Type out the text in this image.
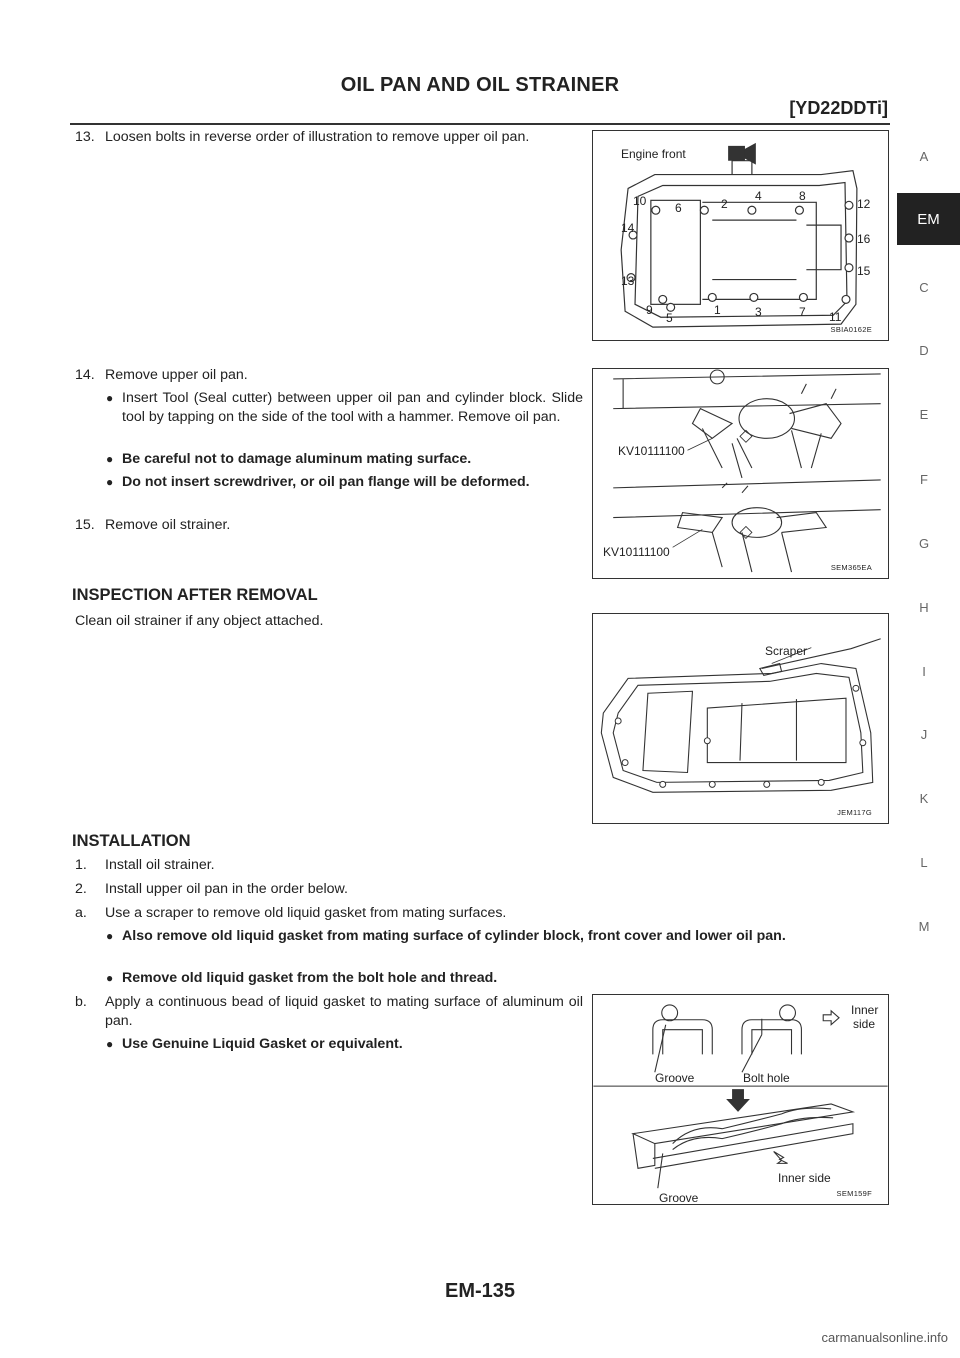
OIL PAN AND OIL STRAINER
[YD22DDTi]
A
EM
C
D
E
F
G
H
I
J
K
L
M
13. Loosen bolts in reverse order of illustration to remove upper oil pan.
Engine front
10 6	2
4	8
12
14
16
15
13
9
5
1	3	7 11
SBIA0162E
14. Remove upper oil pan.
● Insert Tool (Seal cutter) between upper oil pan and cylinder block. Slide tool by tapping on the side of the tool with a hammer. Remove oil pan.
● Be careful not to damage aluminum mating surface.
● Do not insert screwdriver, or oil pan flange will be deformed.
15. Remove oil strainer.
KV10111100
KV10111100
SEM365EA
INSPECTION AFTER REMOVAL
Clean oil strainer if any object attached.
Scraper
JEM117G
INSTALLATION
1. Install oil strainer.
2. Install upper oil pan in the order below.
a. Use a scraper to remove old liquid gasket from mating surfaces.
● Also remove old liquid gasket from mating surface of cylinder block, front cover and lower oil pan.
● Remove old liquid gasket from the bolt hole and thread.
b. Apply a continuous bead of liquid gasket to mating surface of aluminum oil pan.
● Use Genuine Liquid Gasket or equivalent.
Inner
side
Groove	Bolt hole
Inner side
Groove	SEM159F
EM-135
carmanualsonline.info
